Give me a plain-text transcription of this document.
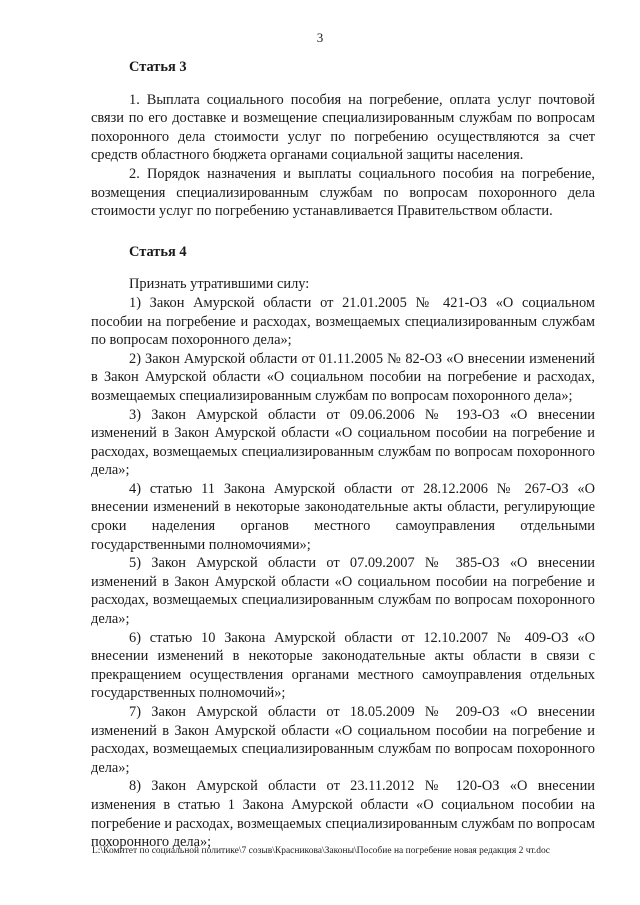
3

Статья 3

1. Выплата социального пособия на погребение, оплата услуг почтовой связи по его доставке и возмещение специализированным службам по вопросам похоронного дела стоимости услуг по погребению осуществляются за счет средств областного бюджета органами социальной защиты населения.

2. Порядок назначения и выплаты социального пособия на погребение, возмещения специализированным службам по вопросам похоронного дела стоимости услуг по погребению устанавливается Правительством области.

Статья 4

Признать утратившими силу:

1) Закон Амурской области от 21.01.2005 № 421-ОЗ «О социальном пособии на погребение и расходах, возмещаемых специализированным службам по вопросам похоронного дела»;

2) Закон Амурской области от 01.11.2005 № 82-ОЗ «О внесении изменений в Закон Амурской области «О социальном пособии на погребение и расходах, возмещаемых специализированным службам по вопросам похоронного дела»;

3) Закон Амурской области от 09.06.2006 № 193-ОЗ «О внесении изменений в Закон Амурской области «О социальном пособии на погребение и расходах, возмещаемых специализированным службам по вопросам похоронного дела»;

4) статью 11 Закона Амурской области от 28.12.2006 № 267-ОЗ «О внесении изменений в некоторые законодательные акты области, регулирующие сроки наделения органов местного самоуправления отдельными государственными полномочиями»;

5) Закон Амурской области от 07.09.2007 № 385-ОЗ «О внесении изменений в Закон Амурской области «О социальном пособии на погребение и расходах, возмещаемых специализированным службам по вопросам похоронного дела»;

6) статью 10 Закона Амурской области от 12.10.2007 № 409-ОЗ «О внесении изменений в некоторые законодательные акты области в связи с прекращением осуществления органами местного самоуправления отдельных государственных полномочий»;

7) Закон Амурской области от 18.05.2009 № 209-ОЗ «О внесении изменений в Закон Амурской области «О социальном пособии на погребение и расходах, возмещаемых специализированным службам по вопросам похоронного дела»;

8) Закон Амурской области от 23.11.2012 № 120-ОЗ «О внесении изменения в статью 1 Закона Амурской области «О социальном пособии на погребение и расходах, возмещаемых специализированным службам по вопросам похоронного дела»;

L:\Комитет по социальной политике\7 созыв\Красникова\Законы\Пособие на погребение новая редакция 2 чт.doc
